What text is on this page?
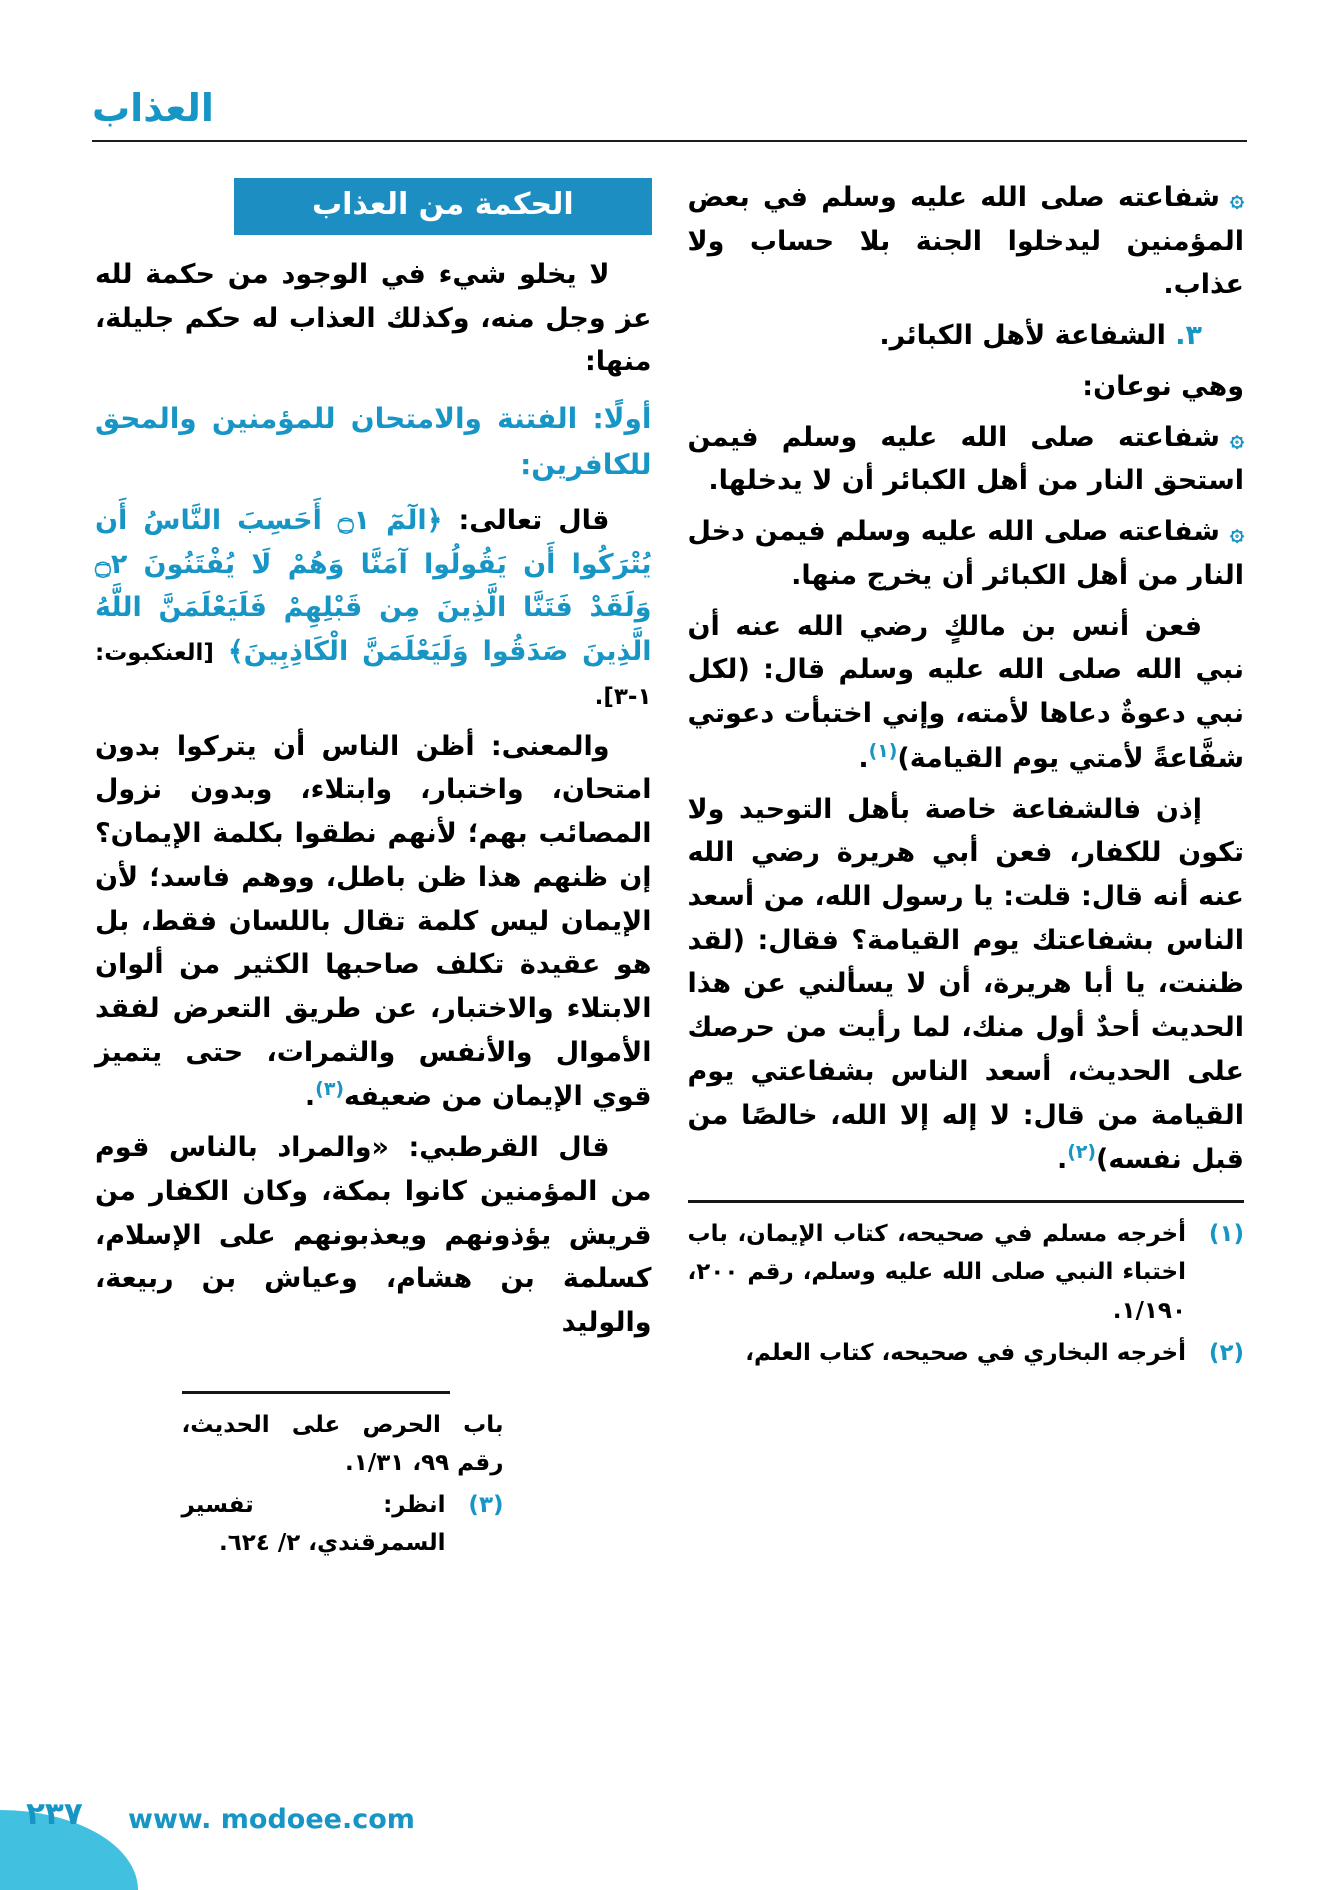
العذاب

۞شفاعته صلى الله عليه وسلم في بعض المؤمنين ليدخلوا الجنة بلا حساب ولا عذاب.

٣. الشفاعة لأهل الكبائر.

وهي نوعان:

۞شفاعته صلى الله عليه وسلم فيمن استحق النار من أهل الكبائر أن لا يدخلها.

۞شفاعته صلى الله عليه وسلم فيمن دخل النار من أهل الكبائر أن يخرج منها.

فعن أنس بن مالكٍ رضي الله عنه أن نبي الله صلى الله عليه وسلم قال: (لكل نبي دعوةٌ دعاها لأمته، وإني اختبأت دعوتي شفَّاعةً لأمتي يوم القيامة)$^{(١)}$.

إذن فالشفاعة خاصة بأهل التوحيد ولا تكون للكفار، فعن أبي هريرة رضي الله عنه أنه قال: قلت: يا رسول الله، من أسعد الناس بشفاعتك يوم القيامة؟ فقال: (لقد ظننت، يا أبا هريرة، أن لا يسألني عن هذا الحديث أحدٌ أول منك، لما رأيت من حرصك على الحديث، أسعد الناس بشفاعتي يوم القيامة من قال: لا إله إلا الله، خالصًا من قبل نفسه)$^{(٢)}$.

(١)
أخرجه مسلم في صحيحه، كتاب الإيمان، باب اختباء النبي صلى الله عليه وسلم، رقم ٢٠٠، ١/١٩٠.
(٢)
أخرجه البخاري في صحيحه، كتاب العلم،
الحكمة من العذاب

لا يخلو شيء في الوجود من حكمة لله عز وجل منه، وكذلك العذاب له حكم جليلة، منها:

أولًا: الفتنة والامتحان للمؤمنين والمحق للكافرين:

قال تعالى: ﴿الٓمٓ ۝١ أَحَسِبَ النَّاسُ أَن يُتْرَكُوا أَن يَقُولُوا آمَنَّا وَهُمْ لَا يُفْتَنُونَ ۝٢ وَلَقَدْ فَتَنَّا الَّذِينَ مِن قَبْلِهِمْ فَلَيَعْلَمَنَّ اللَّهُ الَّذِينَ صَدَقُوا وَلَيَعْلَمَنَّ الْكَاذِبِينَ﴾ [العنكبوت: ١-٣].

والمعنى: أظن الناس أن يتركوا بدون امتحان، واختبار، وابتلاء، وبدون نزول المصائب بهم؛ لأنهم نطقوا بكلمة الإيمان؟ إن ظنهم هذا ظن باطل، ووهم فاسد؛ لأن الإيمان ليس كلمة تقال باللسان فقط، بل هو عقيدة تكلف صاحبها الكثير من ألوان الابتلاء والاختبار، عن طريق التعرض لفقد الأموال والأنفس والثمرات، حتى يتميز قوي الإيمان من ضعيفه$^{(٣)}$.

قال القرطبي: «والمراد بالناس قوم من المؤمنين كانوا بمكة، وكان الكفار من قريش يؤذونهم ويعذبونهم على الإسلام، كسلمة بن هشام، وعياش بن ربيعة، والوليد

باب الحرص على الحديث، رقم ٩٩، ١/٣١.
(٣)
انظر: تفسير السمرقندي، ٢/ ٦٢٤.
٢٣٧ www. modoee.com
